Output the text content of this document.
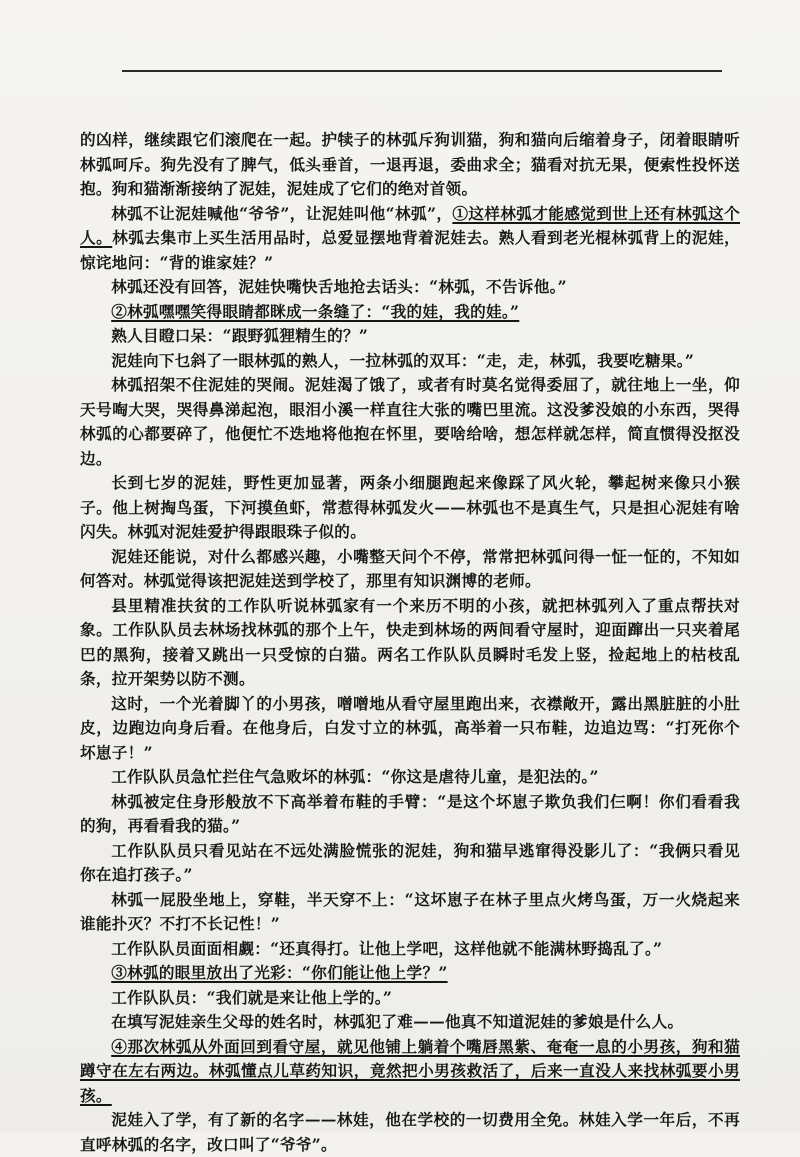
的凶样，继续跟它们滚爬在一起。护犊子的林弧斥狗训猫，狗和猫向后缩着身子，闭着眼睛听林弧呵斥。狗先没有了脾气，低头垂首，一退再退，委曲求全；猫看对抗无果，便索性投怀送抱。狗和猫渐渐接纳了泥娃，泥娃成了它们的绝对首领。

林弧不让泥娃喊他“爷爷”，让泥娃叫他“林弧”，①这样林弧才能感觉到世上还有林弧这个人。林弧去集市上买生活用品时，总爱显摆地背着泥娃去。熟人看到老光棍林弧背上的泥娃，惊诧地问：“背的谁家娃？”

林弧还没有回答，泥娃快嘴快舌地抢去话头：“林弧，不告诉他。”

②林弧嘿嘿笑得眼睛都眯成一条缝了：“我的娃，我的娃。”

熟人目瞪口呆：“跟野狐狸精生的？”

泥娃向下乜斜了一眼林弧的熟人，一拉林弧的双耳：“走，走，林弧，我要吃糖果。”

林弧招架不住泥娃的哭闹。泥娃渴了饿了，或者有时莫名觉得委屈了，就往地上一坐，仰天号啕大哭，哭得鼻涕起泡，眼泪小溪一样直往大张的嘴巴里流。这没爹没娘的小东西，哭得林弧的心都要碎了，他便忙不迭地将他抱在怀里，要啥给啥，想怎样就怎样，简直惯得没抠没边。

长到七岁的泥娃，野性更加显著，两条小细腿跑起来像踩了风火轮，攀起树来像只小猴子。他上树掏鸟蛋，下河摸鱼虾，常惹得林弧发火——林弧也不是真生气，只是担心泥娃有啥闪失。林弧对泥娃爱护得跟眼珠子似的。

泥娃还能说，对什么都感兴趣，小嘴整天问个不停，常常把林弧问得一怔一怔的，不知如何答对。林弧觉得该把泥娃送到学校了，那里有知识渊博的老师。

县里精准扶贫的工作队听说林弧家有一个来历不明的小孩，就把林弧列入了重点帮扶对象。工作队队员去林场找林弧的那个上午，快走到林场的两间看守屋时，迎面蹿出一只夹着尾巴的黑狗，接着又跳出一只受惊的白猫。两名工作队队员瞬时毛发上竖，捡起地上的枯枝乱条，拉开架势以防不测。

这时，一个光着脚丫的小男孩，噌噌地从看守屋里跑出来，衣襟敞开，露出黑脏脏的小肚皮，边跑边向身后看。在他身后，白发寸立的林弧，高举着一只布鞋，边追边骂：“打死你个坏崽子！”

工作队队员急忙拦住气急败坏的林弧：“你这是虐待儿童，是犯法的。”

林弧被定住身形般放不下高举着布鞋的手臂：“是这个坏崽子欺负我们仨啊！你们看看我的狗，再看看我的猫。”

工作队队员只看见站在不远处满脸慌张的泥娃，狗和猫早逃窜得没影儿了：“我俩只看见你在追打孩子。”

林弧一屁股坐地上，穿鞋，半天穿不上：“这坏崽子在林子里点火烤鸟蛋，万一火烧起来谁能扑灭？不打不长记性！”

工作队队员面面相觑：“还真得打。让他上学吧，这样他就不能满林野捣乱了。”

③林弧的眼里放出了光彩：“你们能让他上学？”

工作队队员：“我们就是来让他上学的。”

在填写泥娃亲生父母的姓名时，林弧犯了难——他真不知道泥娃的爹娘是什么人。

④那次林弧从外面回到看守屋，就见他铺上躺着个嘴唇黑紫、奄奄一息的小男孩，狗和猫蹲守在左右两边。林弧懂点儿草药知识，竟然把小男孩救活了，后来一直没人来找林弧要小男孩。

泥娃入了学，有了新的名字——林娃，他在学校的一切费用全免。林娃入学一年后，不再直呼林弧的名字，改口叫了“爷爷”。
